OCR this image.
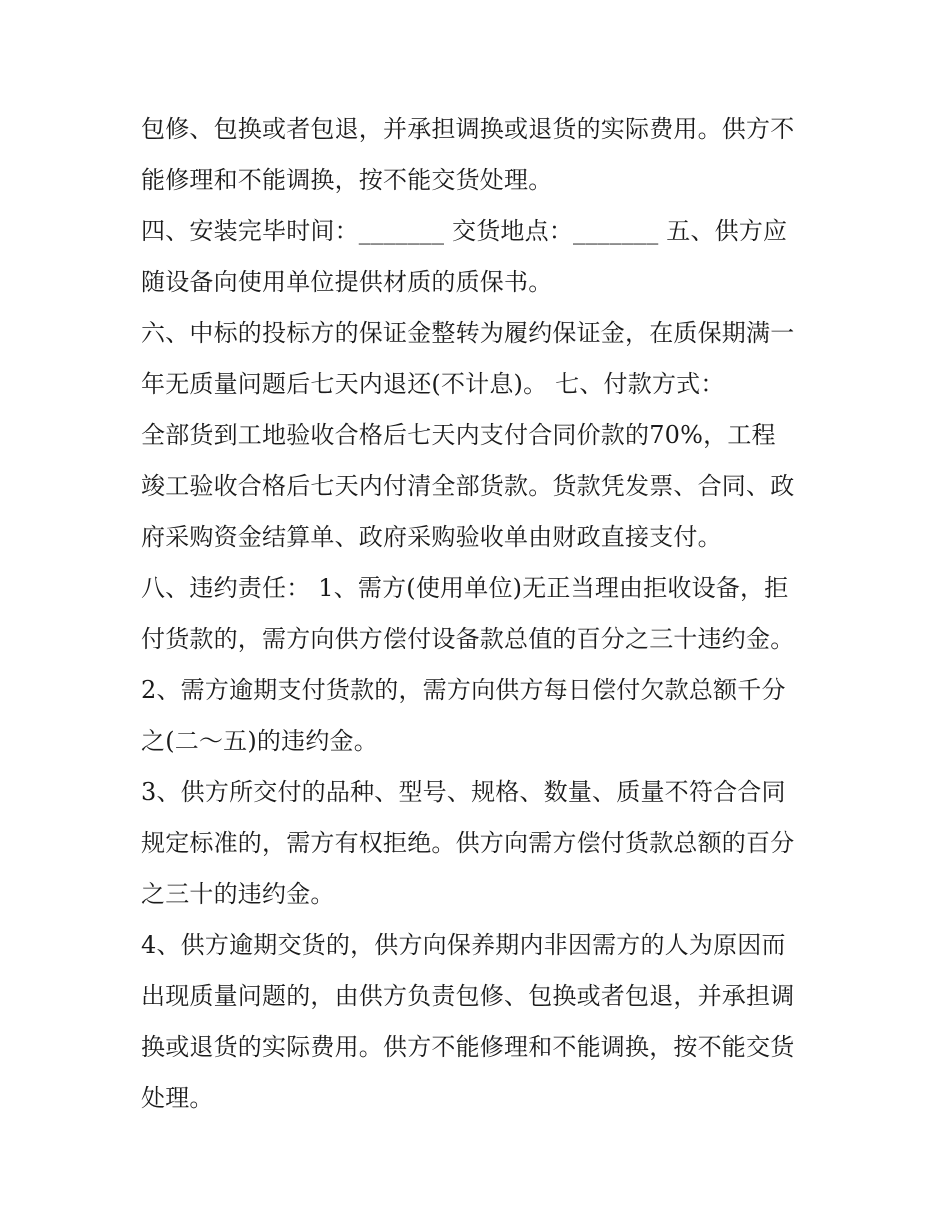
包修、包换或者包退，并承担调换或退货的实际费用。供方不
能修理和不能调换，按不能交货处理。
四、安装完毕时间：_______ 交货地点：_______ 五、供方应
随设备向使用单位提供材质的质保书。
六、中标的投标方的保证金整转为履约保证金，在质保期满一
年无质量问题后七天内退还(不计息)。 七、付款方式：
全部货到工地验收合格后七天内支付合同价款的70%，工程
竣工验收合格后七天内付清全部货款。货款凭发票、合同、政
府采购资金结算单、政府采购验收单由财政直接支付。
八、违约责任： 1、需方(使用单位)无正当理由拒收设备，拒
付货款的，需方向供方偿付设备款总值的百分之三十违约金。
2、需方逾期支付货款的，需方向供方每日偿付欠款总额千分
之(二～五)的违约金。
3、供方所交付的品种、型号、规格、数量、质量不符合合同
规定标准的，需方有权拒绝。供方向需方偿付货款总额的百分
之三十的违约金。
4、供方逾期交货的，供方向保养期内非因需方的人为原因而
出现质量问题的，由供方负责包修、包换或者包退，并承担调
换或退货的实际费用。供方不能修理和不能调换，按不能交货
处理。
